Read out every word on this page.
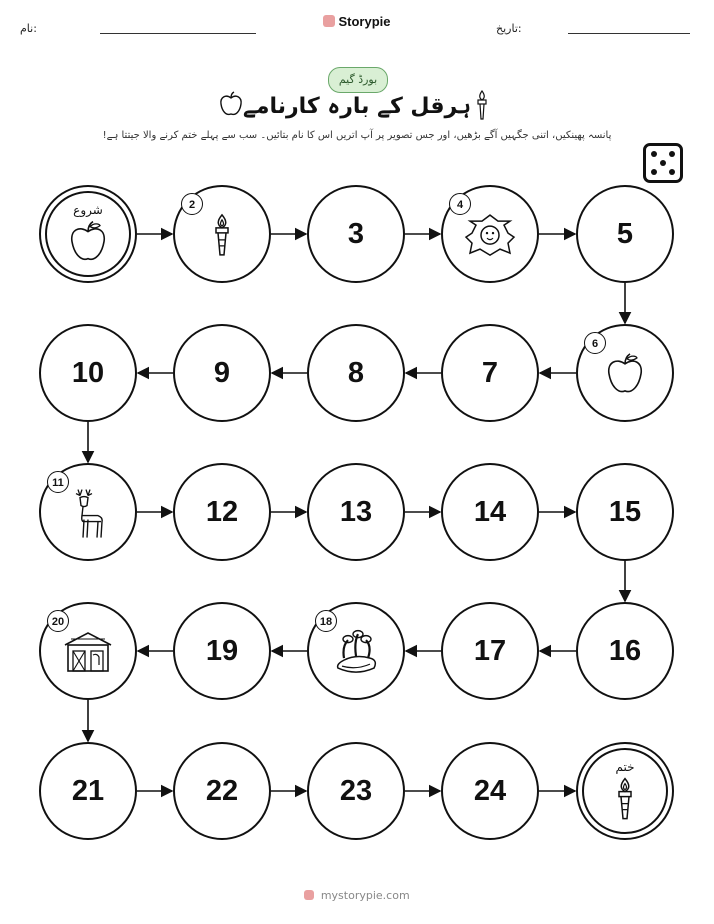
نام:	Storypie	تاریخ:
بورڈ گیم
ہرقل کے بارہ کارنامے
پانسہ پھینکیں، اتنی جگہیں آگے بڑھیں، اور جس تصویر پر آپ اتریں اس کا نام بتائیں۔ سب سے پہلے ختم کرنے والا جیتتا ہے!
شروع	2
3
4
5
6
7
8
9
10
11
12	13	14	15
16
17
18
19
20
21	22	23	24
ختم
mystorypie.com
